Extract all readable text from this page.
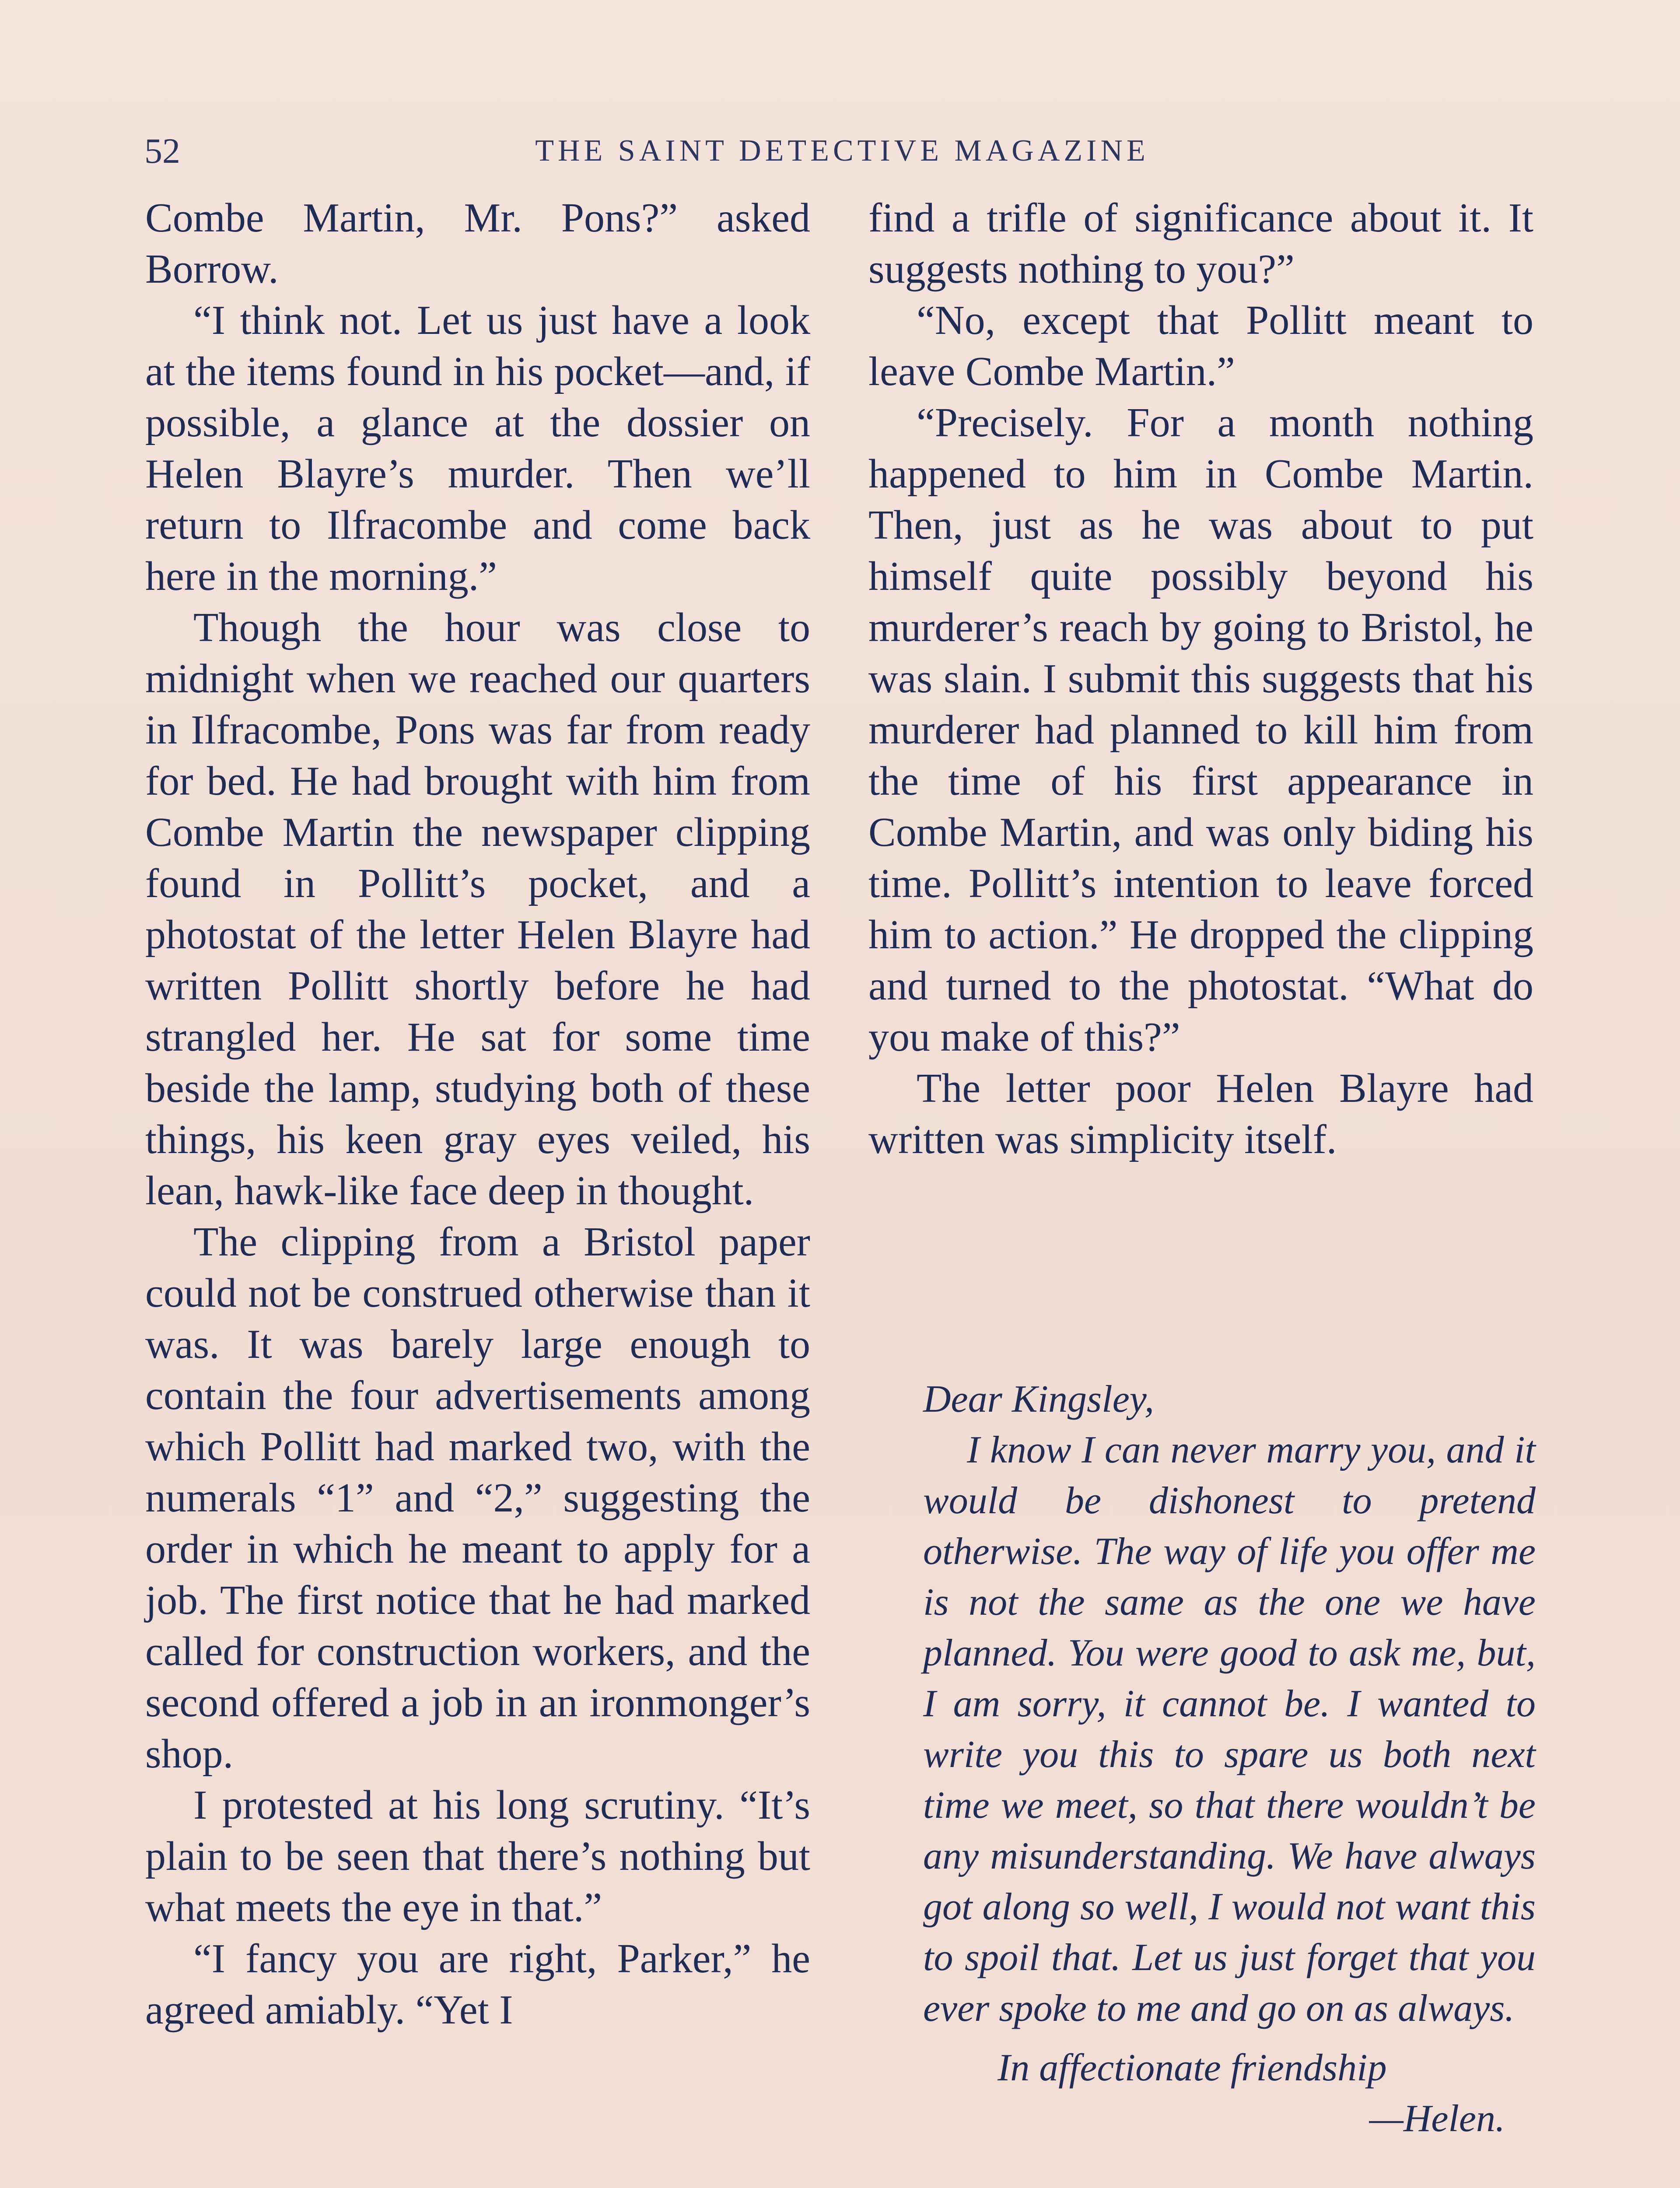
52	THE SAINT DETECTIVE MAGAZINE

Combe Martin, Mr. Pons?” asked Borrow.

“I think not. Let us just have a look at the items found in his pocket—and, if possible, a glance at the dossier on Helen Blayre’s murder. Then we’ll return to Ilfracombe and come back here in the morning.”

Though the hour was close to midnight when we reached our quarters in Ilfracombe, Pons was far from ready for bed. He had brought with him from Combe Martin the newspaper clipping found in Pollitt’s pocket, and a photostat of the letter Helen Blayre had written Pollitt shortly before he had strangled her. He sat for some time beside the lamp, studying both of these things, his keen gray eyes veiled, his lean, hawk-like face deep in thought.

The clipping from a Bristol paper could not be construed otherwise than it was. It was barely large enough to contain the four advertisements among which Pollitt had marked two, with the numerals “1” and “2,” suggesting the order in which he meant to apply for a job. The first notice that he had marked called for construction workers, and the second offered a job in an ironmonger’s shop.

I protested at his long scrutiny. “It’s plain to be seen that there’s nothing but what meets the eye in that.”

“I fancy you are right, Parker,” he agreed amiably. “Yet I

find a trifle of significance about it. It suggests nothing to you?”

“No, except that Pollitt meant to leave Combe Martin.”

“Precisely. For a month nothing happened to him in Combe Martin. Then, just as he was about to put himself quite possibly beyond his murderer’s reach by going to Bristol, he was slain. I submit this suggests that his murderer had planned to kill him from the time of his first appearance in Combe Martin, and was only biding his time. Pollitt’s intention to leave forced him to action.” He dropped the clipping and turned to the photostat. “What do you make of this?”

The letter poor Helen Blayre had written was simplicity itself.

Dear Kingsley,

I know I can never marry you, and it would be dishonest to pretend otherwise. The way of life you offer me is not the same as the one we have planned. You were good to ask me, but, I am sorry, it cannot be. I wanted to write you this to spare us both next time we meet, so that there wouldn’t be any misunderstanding. We have always got along so well, I would not want this to spoil that. Let us just forget that you ever spoke to me and go on as always.

In affectionate friendship

—Helen.
